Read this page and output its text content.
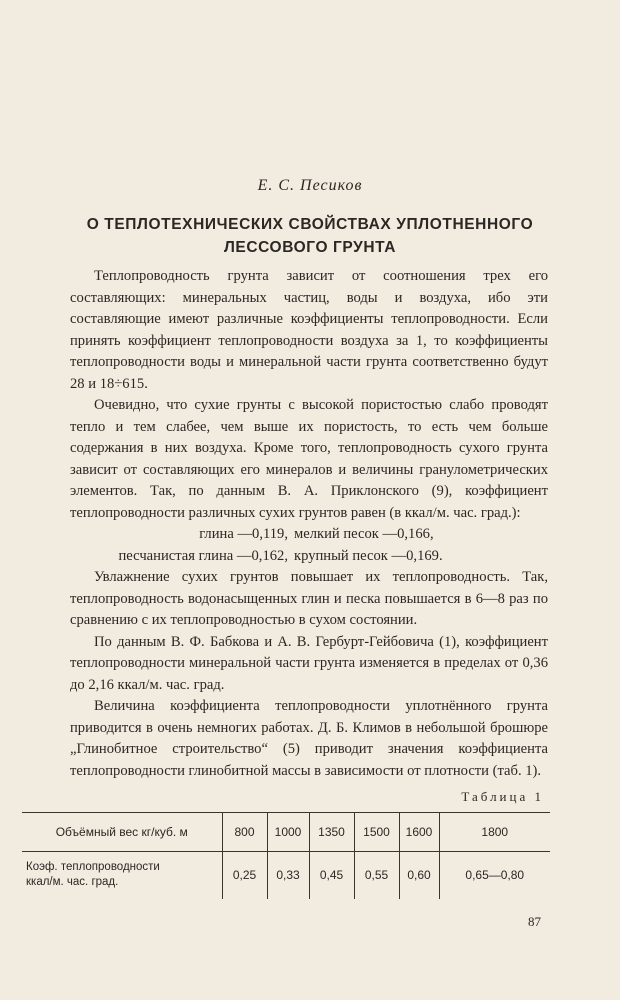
Е. С. Песиков
О ТЕПЛОТЕХНИЧЕСКИХ СВОЙСТВАХ УПЛОТНЕННОГО
ЛЕССОВОГО ГРУНТА

Теплопроводность грунта зависит от соотношения трех его составляющих: минеральных частиц, воды и воздуха, ибо эти составляющие имеют различные коэффициенты теплопроводности. Если принять коэффициент теплопроводности воздуха за 1, то коэффициенты теплопроводности воды и минеральной части грунта соответственно будут 28 и 18÷615.

Очевидно, что сухие грунты с высокой пористостью слабо проводят тепло и тем слабее, чем выше их пористость, то есть чем больше содержания в них воздуха. Кроме того, теплопроводность сухого грунта зависит от составляющих его минералов и величины гранулометрических элементов. Так, по данным В. А. Приклонского (9), коэффициент теплопроводности различных сухих грунтов равен (в ккал/м. час. град.):

глина —0,119, мелкий песок —0,166,
песчанистая глина —0,162, крупный песок —0,169.

Увлажнение сухих грунтов повышает их теплопроводность. Так, теплопроводность водонасыщенных глин и песка повышается в 6—8 раз по сравнению с их теплопроводностью в сухом состоянии.

По данным В. Ф. Бабкова и А. В. Гербурт-Гейбовича (1), коэффициент теплопроводности минеральной части грунта изменяется в пределах от 0,36 до 2,16 ккал/м. час. град.

Величина коэффициента теплопроводности уплотнённого грунта приводится в очень немногих работах. Д. Б. Климов в небольшой брошюре „Глинобитное строительство“ (5) приводит значения коэффициента теплопроводности глинобитной массы в зависимости от плотности (таб. 1).

Таблица 1
Объёмный вес кг/куб. м	800	1000	1350	1500	1600	1800

Коэф. теплопроводности
ккал/м. час. град.	0,25	0,33	0,45	0,55	0,60	0,65—0,80
87
